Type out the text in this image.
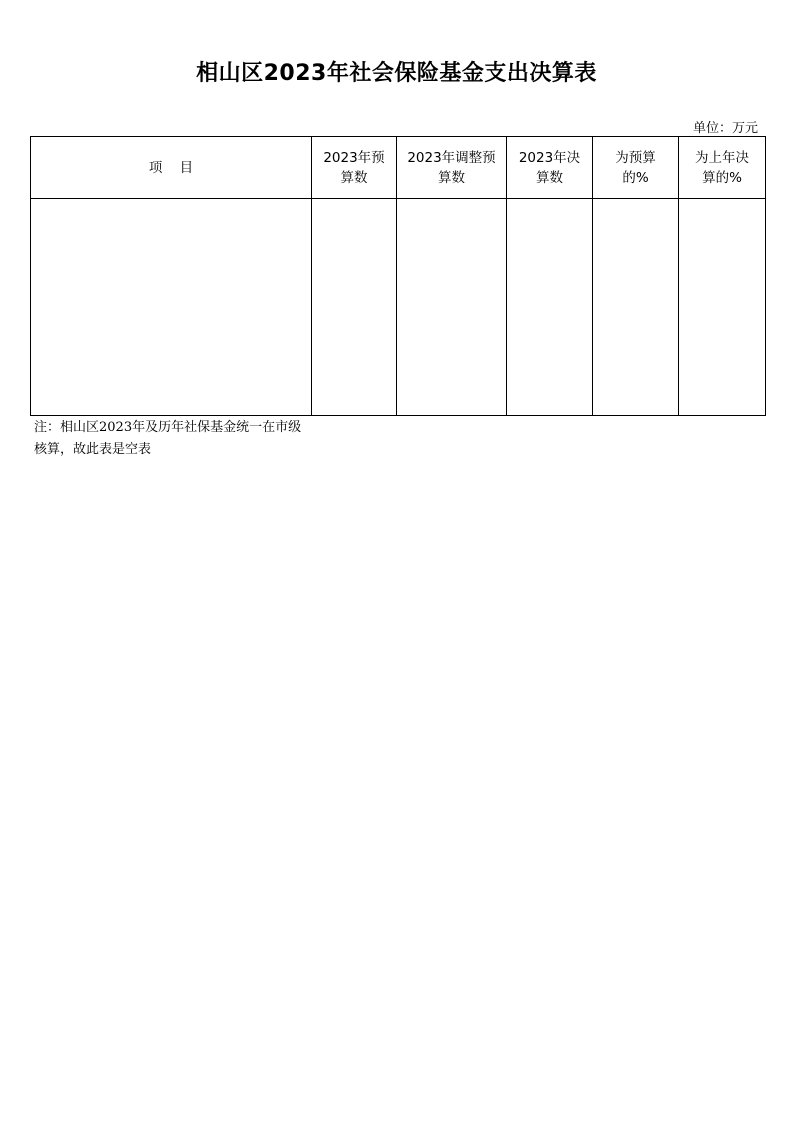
相山区2023年社会保险基金支出决算表
单位：万元
项    目	2023年预算数	2023年调整预算数	2023年决算数	为预算的%	为上年决算的%

注：相山区2023年及历年社保基金统一在市级核算，故此表是空表
